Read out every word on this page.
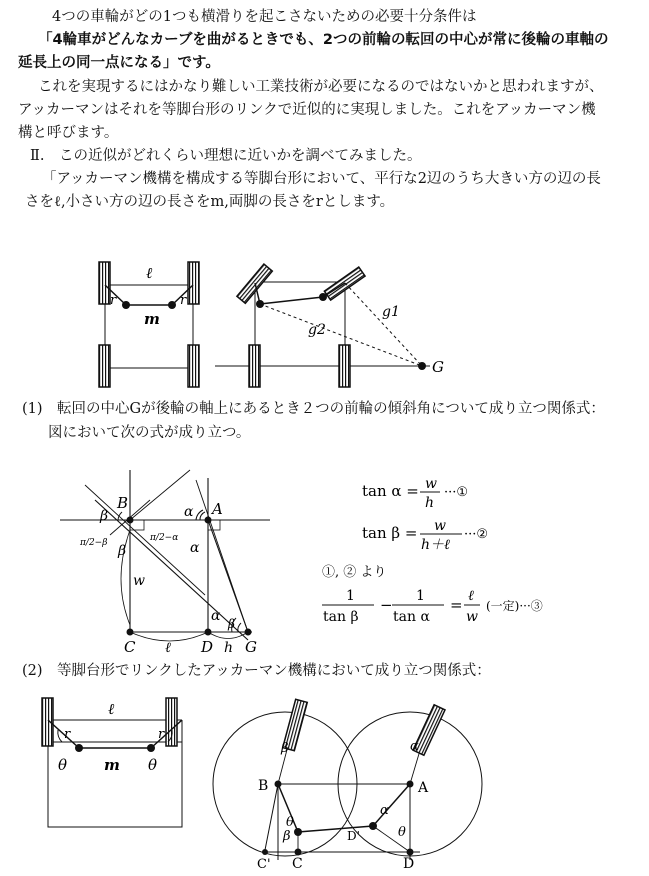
4つの車輪がどの1つも横滑りを起こさないための必要十分条件は
「4輪車がどんなカーブを曲がるときでも、2つの前輪の転回の中心が常に後輪の車軸の
延長上の同一点になる」です。
これを実現するにはかなり難しい工業技術が必要になるのではないかと思われますが、
アッカーマンはそれを等脚台形のリンクで近似的に実現しました。これをアッカーマン機
構と呼びます。
Ⅱ.　この近似がどれくらい理想に近いかを調べてみました。
「アッカーマン機構を構成する等脚台形において、平行な2辺のうち大きい方の辺の長
さをℓ,小さい方の辺の長さをm,両脚の長さをrとします。
(1)　転回の中心Gが後輪の軸上にあるとき２つの前輪の傾斜角について成り立つ関係式：
図において次の式が成り立つ。
(2)　等脚台形でリンクしたアッカーマン機構において成り立つ関係式：
ℓ
r	r
m	g1
g2
G
B	A
C	D G
w
ℓ	h
α
α
α
β
β
β
π/2−α
π/2−β
tan α = w
h
···①
tan β = w
h＋ℓ
···②
①, ② より
1
tan β
− 1
tan α
= ℓ
w
(一定)···③
ℓ
r	r
m
θ	θ
B	A
C' C	D
D'
α
α
β
β
θ
θ
